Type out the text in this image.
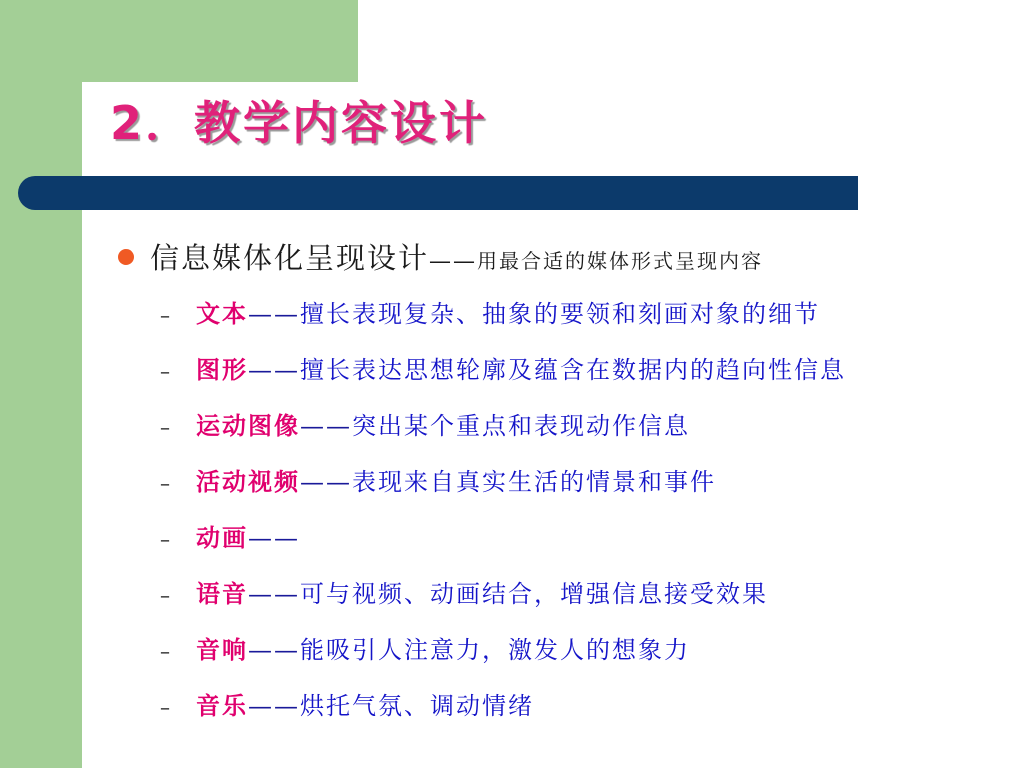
2．教学内容设计
信息媒体化呈现设计——用最合适的媒体形式呈现内容
– 文本——擅长表现复杂、抽象的要领和刻画对象的细节
– 图形——擅长表达思想轮廓及蕴含在数据内的趋向性信息
– 运动图像——突出某个重点和表现动作信息
– 活动视频——表现来自真实生活的情景和事件
– 动画——
– 语音——可与视频、动画结合，增强信息接受效果
– 音响——能吸引人注意力，激发人的想象力
– 音乐——烘托气氛、调动情绪
